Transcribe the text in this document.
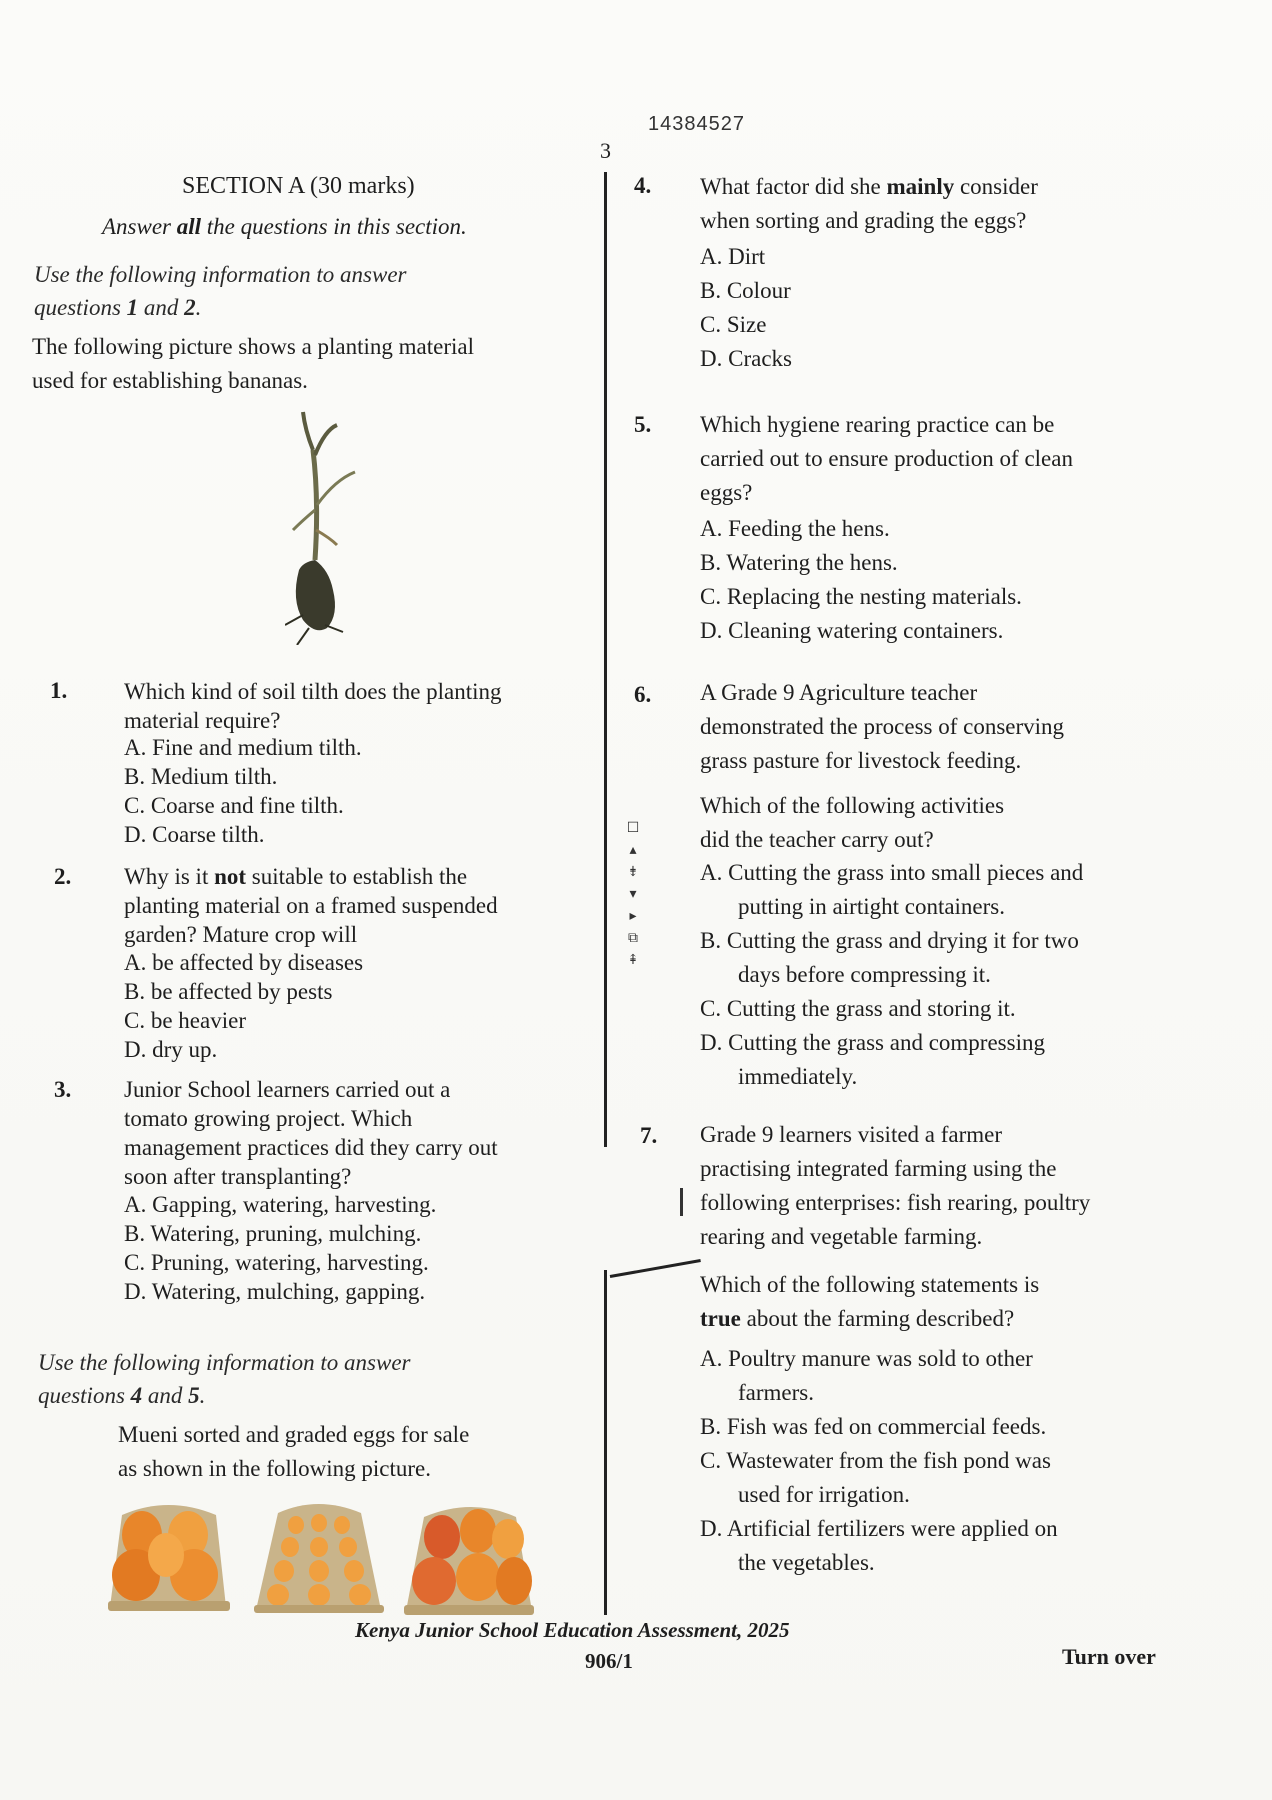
14384527
3
SECTION A (30 marks)
Answer all the questions in this section.
Use the following information to answer
questions 1 and 2.
The following picture shows a planting material
used for establishing bananas.
1. Which kind of soil tilth does the planting
material require?
A. Fine and medium tilth.
B. Medium tilth.
C. Coarse and fine tilth.
D. Coarse tilth.
2. Why is it not suitable to establish the
planting material on a framed suspended
garden? Mature crop will
A. be affected by diseases
B. be affected by pests
C. be heavier
D. dry up.
3. Junior School learners carried out a
tomato growing project. Which
management practices did they carry out
soon after transplanting?
A. Gapping, watering, harvesting.
B. Watering, pruning, mulching.
C. Pruning, watering, harvesting.
D. Watering, mulching, gapping.
Use the following information to answer
questions 4 and 5.
Mueni sorted and graded eggs for sale
as shown in the following picture.
4. What factor did she mainly consider
when sorting and grading the eggs?
A. Dirt
B. Colour
C. Size
D. Cracks
5. Which hygiene rearing practice can be
carried out to ensure production of clean
eggs?
A. Feeding the hens.
B. Watering the hens.
C. Replacing the nesting materials.
D. Cleaning watering containers.
6. A Grade 9 Agriculture teacher
demonstrated the process of conserving
grass pasture for livestock feeding.
Which of the following activities
did the teacher carry out?
A. Cutting the grass into small pieces and
putting in airtight containers.
B. Cutting the grass and drying it for two
days before compressing it.
C. Cutting the grass and storing it.
D. Cutting the grass and compressing
immediately.
☐
▴
⇟
▾
▸
⧉
⇞
7. Grade 9 learners visited a farmer
practising integrated farming using the
following enterprises: fish rearing, poultry
rearing and vegetable farming.
Which of the following statements is
true about the farming described?
A. Poultry manure was sold to other
farmers.
B. Fish was fed on commercial feeds.
C. Wastewater from the fish pond was
used for irrigation.
D. Artificial fertilizers were applied on
the vegetables.
Kenya Junior School Education Assessment, 2025
906/1	Turn over
